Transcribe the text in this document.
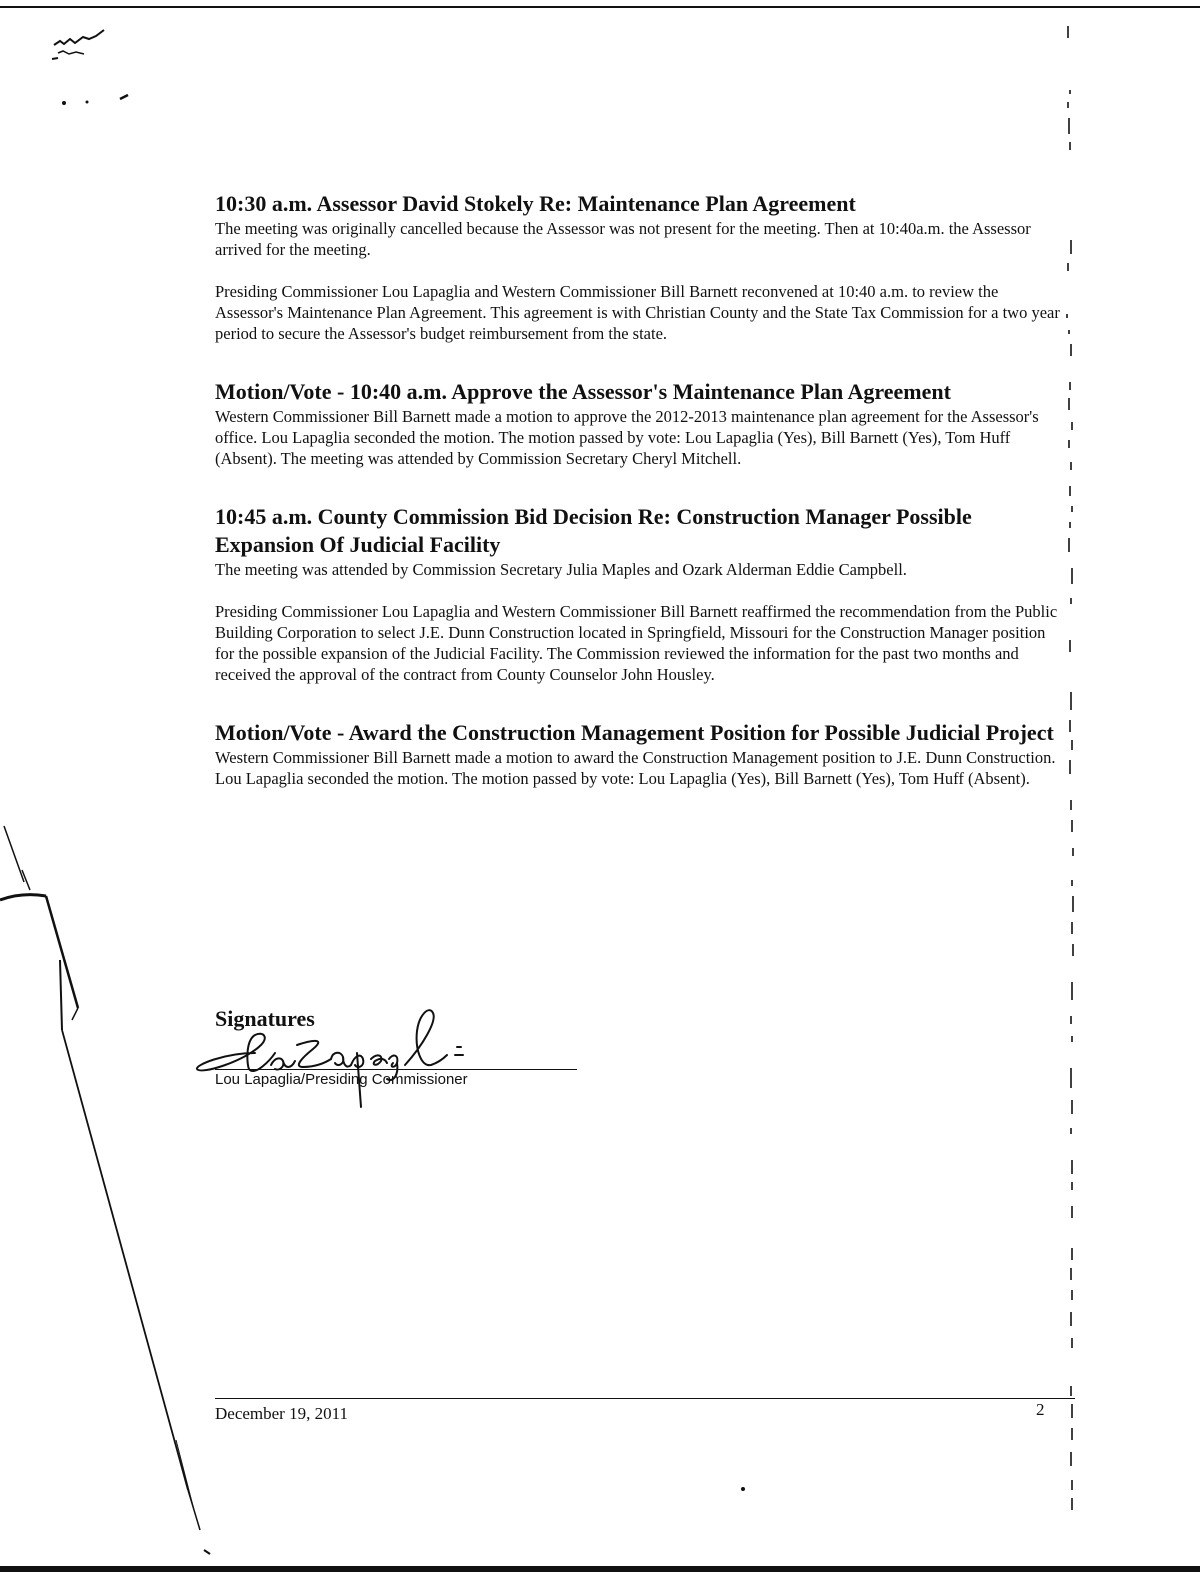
10:30 a.m. Assessor David Stokely Re: Maintenance Plan Agreement

The meeting was originally cancelled because the Assessor was not present for the meeting. Then at 10:40a.m. the Assessor arrived for the meeting.

Presiding Commissioner Lou Lapaglia and Western Commissioner Bill Barnett reconvened at 10:40 a.m. to review the Assessor's Maintenance Plan Agreement. This agreement is with Christian County and the State Tax Commission for a two year period to secure the Assessor's budget reimbursement from the state.

Motion/Vote - 10:40 a.m. Approve the Assessor's Maintenance Plan Agreement

Western Commissioner Bill Barnett made a motion to approve the 2012-2013 maintenance plan agreement for the Assessor's office. Lou Lapaglia seconded the motion. The motion passed by vote: Lou Lapaglia (Yes), Bill Barnett (Yes), Tom Huff (Absent). The meeting was attended by Commission Secretary Cheryl Mitchell.

10:45 a.m. County Commission Bid Decision Re: Construction Manager Possible Expansion Of Judicial Facility

The meeting was attended by Commission Secretary Julia Maples and Ozark Alderman Eddie Campbell.

Presiding Commissioner Lou Lapaglia and Western Commissioner Bill Barnett reaffirmed the recommendation from the Public Building Corporation to select J.E. Dunn Construction located in Springfield, Missouri for the Construction Manager position for the possible expansion of the Judicial Facility. The Commission reviewed the information for the past two months and received the approval of the contract from County Counselor John Housley.

Motion/Vote - Award the Construction Management Position for Possible Judicial Project

Western Commissioner Bill Barnett made a motion to award the Construction Management position to J.E. Dunn Construction. Lou Lapaglia seconded the motion. The motion passed by vote: Lou Lapaglia (Yes), Bill Barnett (Yes), Tom Huff (Absent).

Signatures
Lou Lapaglia/Presiding Commissioner
December 19, 2011	2
